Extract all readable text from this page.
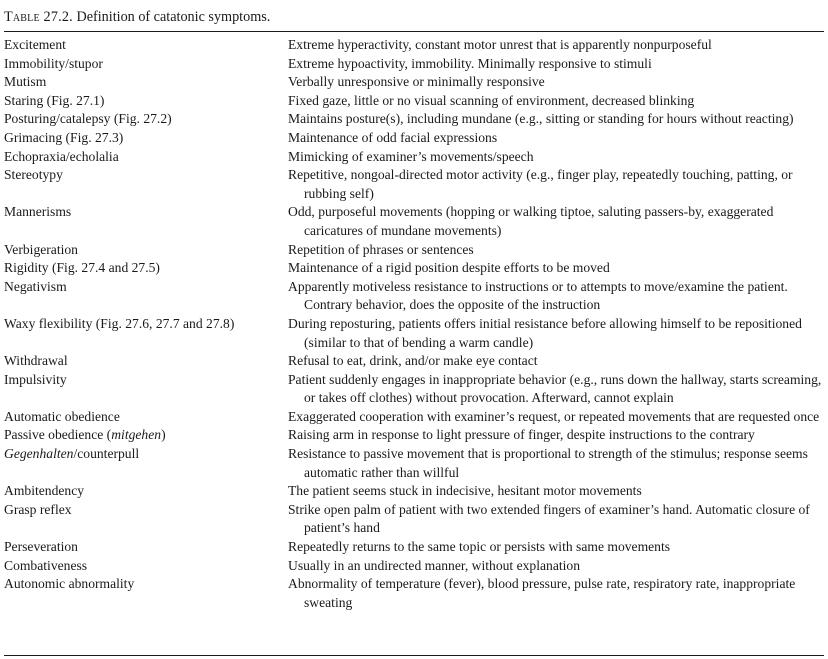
Table 27.2. Definition of catatonic symptoms.
Excitement	Extreme hyperactivity, constant motor unrest that is apparently nonpurposeful
Immobility/stupor	Extreme hypoactivity, immobility. Minimally responsive to stimuli
Mutism	Verbally unresponsive or minimally responsive
Staring (Fig. 27.1)	Fixed gaze, little or no visual scanning of environment, decreased blinking
Posturing/catalepsy (Fig. 27.2)	Maintains posture(s), including mundane (e.g., sitting or standing for hours without reacting)
Grimacing (Fig. 27.3)	Maintenance of odd facial expressions
Echopraxia/echolalia	Mimicking of examiner’s movements/speech
Stereotypy	Repetitive, nongoal-directed motor activity (e.g., finger play, repeatedly touching, patting, or rubbing self)
Mannerisms	Odd, purposeful movements (hopping or walking tiptoe, saluting passers-by, exaggerated caricatures of mundane movements)
Verbigeration	Repetition of phrases or sentences
Rigidity (Fig. 27.4 and 27.5)	Maintenance of a rigid position despite efforts to be moved
Negativism	Apparently motiveless resistance to instructions or to attempts to move/examine the patient. Contrary behavior, does the opposite of the instruction
Waxy flexibility (Fig. 27.6, 27.7 and 27.8)	During reposturing, patients offers initial resistance before allowing himself to be repositioned (similar to that of bending a warm candle)
Withdrawal	Refusal to eat, drink, and/or make eye contact
Impulsivity	Patient suddenly engages in inappropriate behavior (e.g., runs down the hallway, starts screaming, or takes off clothes) without provocation. Afterward, cannot explain
Automatic obedience	Exaggerated cooperation with examiner’s request, or repeated movements that are requested once
Passive obedience (mitgehen)	Raising arm in response to light pressure of finger, despite instructions to the contrary
Gegenhalten/counterpull	Resistance to passive movement that is proportional to strength of the stimulus; response seems automatic rather than willful
Ambitendency	The patient seems stuck in indecisive, hesitant motor movements
Grasp reflex	Strike open palm of patient with two extended fingers of examiner’s hand. Automatic closure of patient’s hand
Perseveration	Repeatedly returns to the same topic or persists with same movements
Combativeness	Usually in an undirected manner, without explanation
Autonomic abnormality	Abnormality of temperature (fever), blood pressure, pulse rate, respiratory rate, inappropriate sweating
